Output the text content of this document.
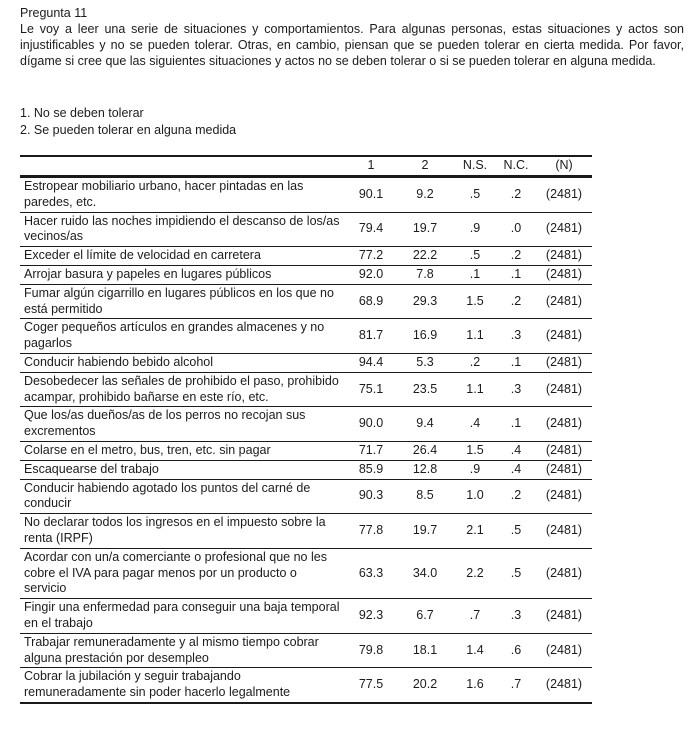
Pregunta 11

Le voy a leer una serie de situaciones y comportamientos. Para algunas personas, estas situaciones y actos son injustificables y no se pueden tolerar. Otras, en cambio, piensan que se pueden tolerar en cierta medida. Por favor, dígame si cree que las siguientes situaciones y actos no se deben tolerar o si se pueden tolerar en alguna medida.

1. No se deben tolerar
2. Se pueden tolerar en alguna medida
	1	2	N.S.	N.C.	(N)
Estropear mobiliario urbano, hacer pintadas en las paredes, etc.	90.1	9.2	.5	.2	(2481)
Hacer ruido las noches impidiendo el descanso de los/as vecinos/as	79.4	19.7	.9	.0	(2481)
Exceder el límite de velocidad en carretera	77.2	22.2	.5	.2	(2481)
Arrojar basura y papeles en lugares públicos	92.0	7.8	.1	.1	(2481)
Fumar algún cigarrillo en lugares públicos en los que no está permitido	68.9	29.3	1.5	.2	(2481)
Coger pequeños artículos en grandes almacenes y no pagarlos	81.7	16.9	1.1	.3	(2481)
Conducir habiendo bebido alcohol	94.4	5.3	.2	.1	(2481)
Desobedecer las señales de prohibido el paso, prohibido acampar, prohibido bañarse en este río, etc.	75.1	23.5	1.1	.3	(2481)
Que los/as dueños/as de los perros no recojan sus excrementos	90.0	9.4	.4	.1	(2481)
Colarse en el metro, bus, tren, etc. sin pagar	71.7	26.4	1.5	.4	(2481)
Escaquearse del trabajo	85.9	12.8	.9	.4	(2481)
Conducir habiendo agotado los puntos del carné de conducir	90.3	8.5	1.0	.2	(2481)
No declarar todos los ingresos en el impuesto sobre la renta (IRPF)	77.8	19.7	2.1	.5	(2481)
Acordar con un/a comerciante o profesional que no les cobre el IVA para pagar menos por un producto o servicio	63.3	34.0	2.2	.5	(2481)
Fingir una enfermedad para conseguir una baja temporal en el trabajo	92.3	6.7	.7	.3	(2481)
Trabajar remuneradamente y al mismo tiempo cobrar alguna prestación por desempleo	79.8	18.1	1.4	.6	(2481)
Cobrar la jubilación y seguir trabajando remuneradamente sin poder hacerlo legalmente	77.5	20.2	1.6	.7	(2481)
